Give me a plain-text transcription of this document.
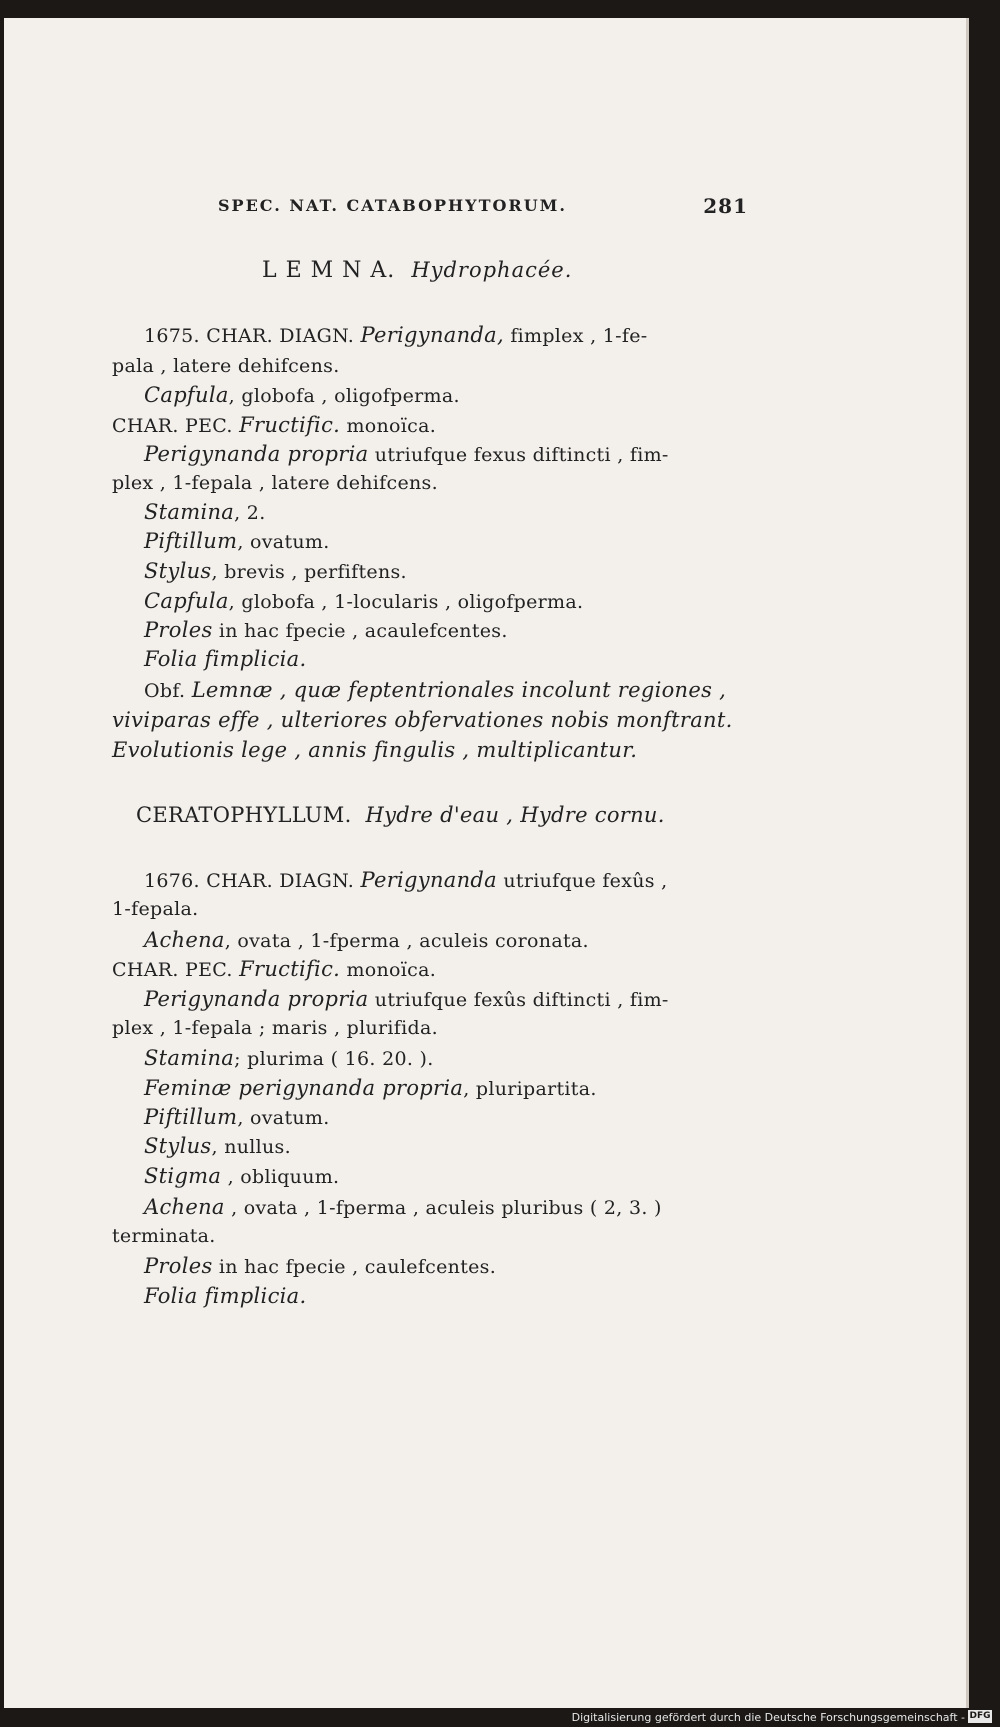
SPEC. NAT. CATABOPHYTORUM.	281
L E M N A. Hydrophacée.
1675. CHAR. DIAGN. Perigynanda, fimplex , 1-fe-
pala , latere dehifcens.
Capfula, globofa , oligofperma.
CHAR. PEC. Fructific. monoïca.
Perigynanda propria utriufque fexus diftincti , fim-
plex , 1-fepala , latere dehifcens.
Stamina, 2.
Piftillum, ovatum.
Stylus, brevis , perfiftens.
Capfula, globofa , 1-locularis , oligofperma.
Proles in hac fpecie , acaulefcentes.
Folia fimplicia.
Obf. Lemnæ , quæ feptentrionales incolunt regiones ,
viviparas effe , ulteriores obfervationes nobis monftrant.
Evolutionis lege , annis fingulis , multiplicantur.
CERATOPHYLLUM. Hydre d'eau , Hydre cornu.
1676. CHAR. DIAGN. Perigynanda utriufque fexûs ,
1-fepala.
Achena, ovata , 1-fperma , aculeis coronata.
CHAR. PEC. Fructific. monoïca.
Perigynanda propria utriufque fexûs diftincti , fim-
plex , 1-fepala ; maris , plurifida.
Stamina; plurima ( 16. 20. ).
Feminæ perigynanda propria, pluripartita.
Piftillum, ovatum.
Stylus, nullus.
Stigma , obliquum.
Achena , ovata , 1-fperma , aculeis pluribus ( 2, 3. )
terminata.
Proles in hac fpecie , caulefcentes.
Folia fimplicia.
Digitalisierung gefördert durch die Deutsche Forschungsgemeinschaft - DFG
